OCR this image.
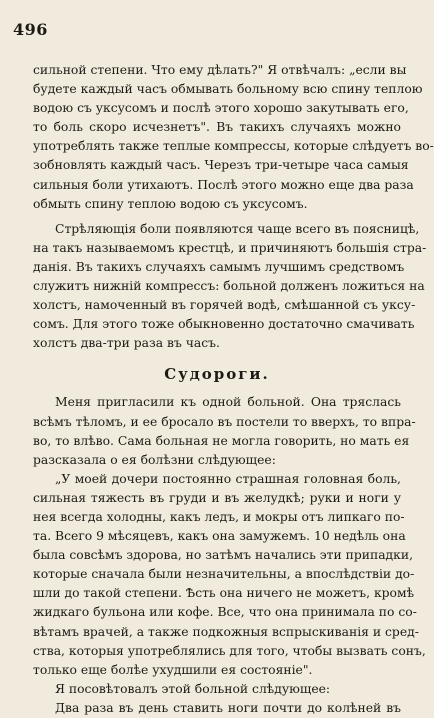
496
сильной степени. Что ему дѣлать?" Я отвѣчалъ: „если вы
будете каждый часъ обмывать больному всю спину теплою
водою съ уксусомъ и послѣ этого хорошо закутывать его,
то боль скоро исчезнетъ". Въ такихъ случаяхъ можно
употреблять также теплые компрессы, которые слѣдуетъ во-
зобновлять каждый часъ. Черезъ три-четыре часа самыя
сильныя боли утихаютъ. Послѣ этого можно еще два раза
обмыть спину теплою водою съ уксусомъ.
Стрѣляющія боли появляются чаще всего въ поясницѣ,
на такъ называемомъ крестцѣ, и причиняютъ большія стра-
данія. Въ такихъ случаяхъ самымъ лучшимъ средствомъ
служитъ нижній компрессъ: больной долженъ ложиться на
холстъ, намоченный въ горячей водѣ, смѣшанной съ уксу-
сомъ. Для этого тоже обыкновенно достаточно смачивать
холстъ два-три раза въ часъ.
Судороги.
Меня пригласили къ одной больной. Она тряслась
всѣмъ тѣломъ, и ее бросало въ постели то вверхъ, то впра-
во, то влѣво. Сама больная не могла говорить, но мать ея
разсказала о ея болѣзни слѣдующее:
„У моей дочери постоянно страшная головная боль,
сильная тяжесть въ груди и въ желудкѣ; руки и ноги у
нея всегда холодны, какъ ледъ, и мокры отъ липкаго по-
та. Всего 9 мѣсяцевъ, какъ она замужемъ. 10 недѣль она
была совсѣмъ здорова, но затѣмъ начались эти припадки,
которые сначала были незначительны, а впослѣдствіи до-
шли до такой степени. Ѣсть она ничего не можетъ, кромѣ
жидкаго бульона или кофе. Все, что она принимала по со-
вѣтамъ врачей, а также подкожныя вспрыскиванія и сред-
ства, которыя употреблялись для того, чтобы вызвать сонъ,
только еще болѣе ухудшили ея состояніе".
Я посовѣтовалъ этой больной слѣдующее:
Два раза въ день ставить ноги почти до колѣней въ
